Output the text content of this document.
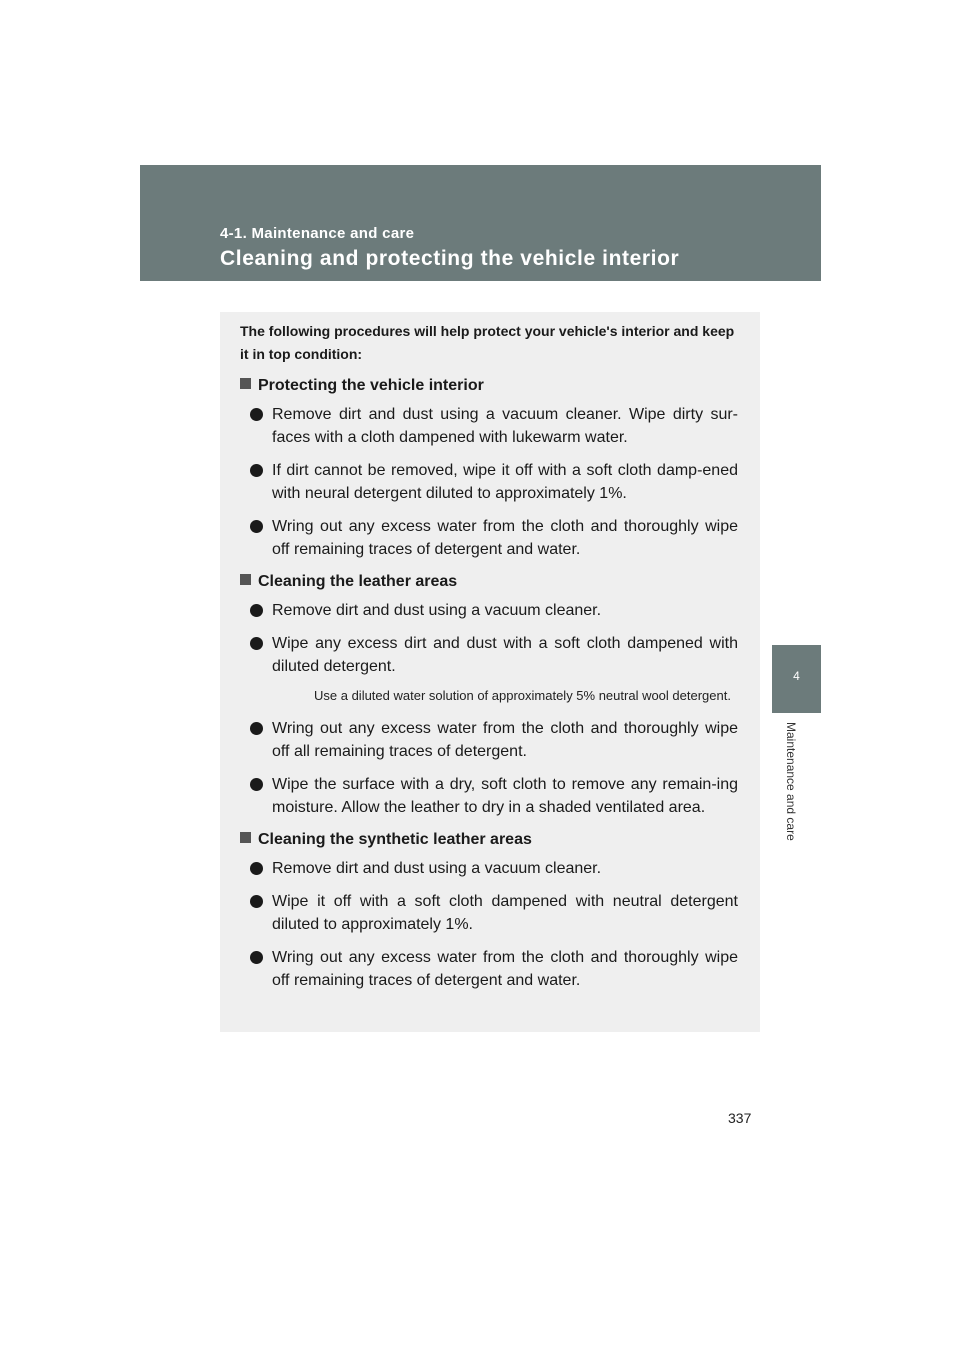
4-1. Maintenance and care
Cleaning and protecting the vehicle interior
4
Maintenance and care

The following procedures will help protect your vehicle's interior and keep it in top condition:

Protecting the vehicle interior
Remove dirt and dust using a vacuum cleaner. Wipe dirty sur-faces with a cloth dampened with lukewarm water.
If dirt cannot be removed, wipe it off with a soft cloth damp-ened with neural detergent diluted to approximately 1%.
Wring out any excess water from the cloth and thoroughly wipe off remaining traces of detergent and water.
Cleaning the leather areas
Remove dirt and dust using a vacuum cleaner.
Wipe any excess dirt and dust with a soft cloth dampened with diluted detergent.

Use a diluted water solution of approximately 5% neutral wool detergent.

Wring out any excess water from the cloth and thoroughly wipe off all remaining traces of detergent.
Wipe the surface with a dry, soft cloth to remove any remain-ing moisture. Allow the leather to dry in a shaded ventilated area.
Cleaning the synthetic leather areas
Remove dirt and dust using a vacuum cleaner.
Wipe it off with a soft cloth dampened with neutral detergent diluted to approximately 1%.
Wring out any excess water from the cloth and thoroughly wipe off remaining traces of detergent and water.
337
